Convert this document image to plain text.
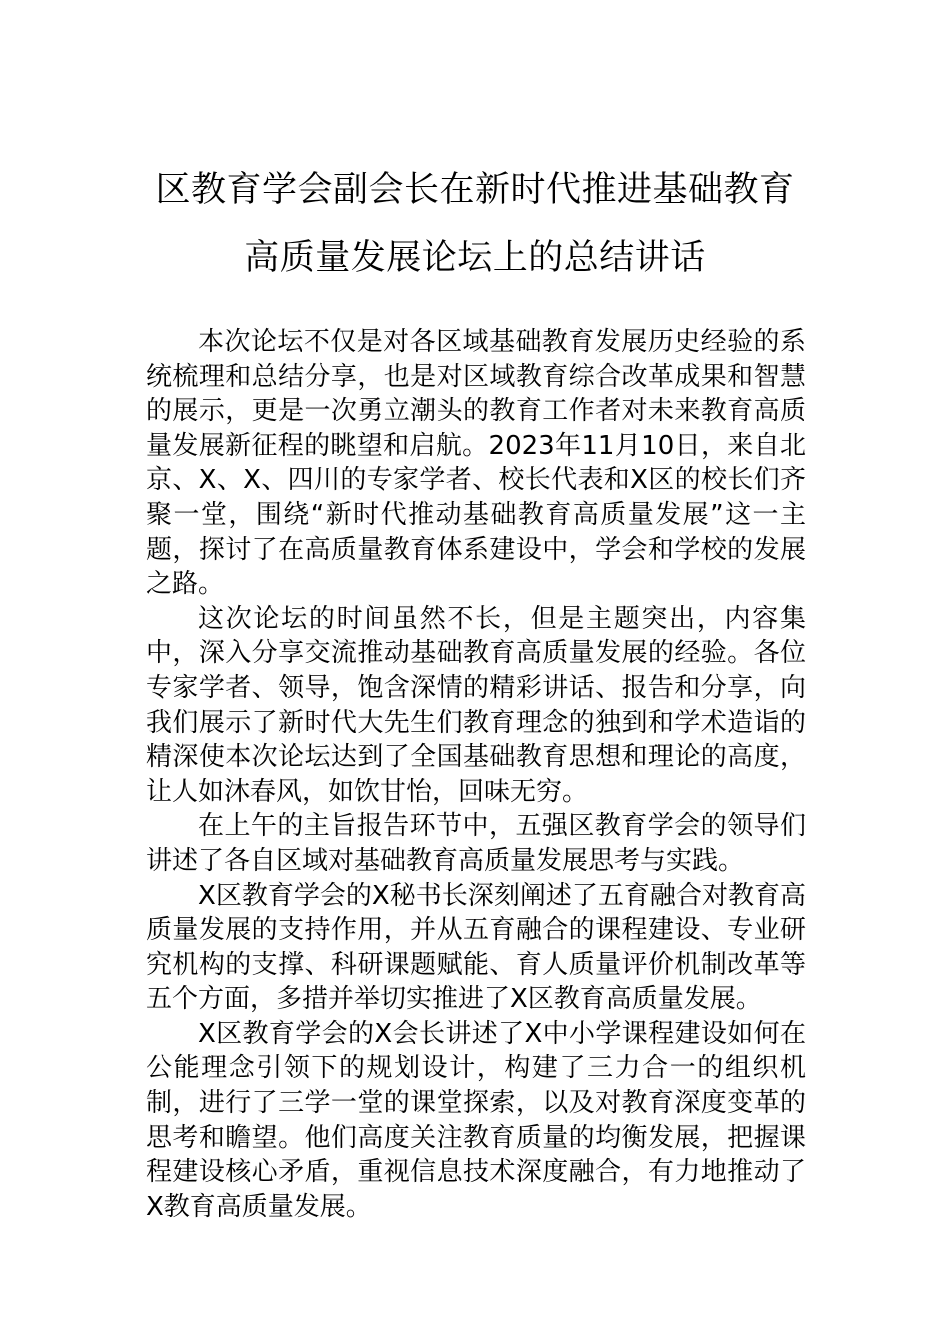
区教育学会副会长在新时代推进基础教育
高质量发展论坛上的总结讲话

本次论坛不仅是对各区域基础教育发展历史经验的系统梳理和总结分享，也是对区域教育综合改革成果和智慧的展示，更是一次勇立潮头的教育工作者对未来教育高质量发展新征程的眺望和启航。2023年11月10日，来自北京、X、X、四川的专家学者、校长代表和X区的校长们齐聚一堂，围绕“新时代推动基础教育高质量发展”这一主题，探讨了在高质量教育体系建设中，学会和学校的发展之路。

这次论坛的时间虽然不长，但是主题突出，内容集中，深入分享交流推动基础教育高质量发展的经验。各位专家学者、领导，饱含深情的精彩讲话、报告和分享，向我们展示了新时代大先生们教育理念的独到和学术造诣的精深使本次论坛达到了全国基础教育思想和理论的高度，让人如沐春风，如饮甘怡，回味无穷。

在上午的主旨报告环节中，五强区教育学会的领导们讲述了各自区域对基础教育高质量发展思考与实践。

X区教育学会的X秘书长深刻阐述了五育融合对教育高质量发展的支持作用，并从五育融合的课程建设、专业研究机构的支撑、科研课题赋能、育人质量评价机制改革等五个方面，多措并举切实推进了X区教育高质量发展。

X区教育学会的X会长讲述了X中小学课程建设如何在公能理念引领下的规划设计，构建了三力合一的组织机制，进行了三学一堂的课堂探索，以及对教育深度变革的思考和瞻望。他们高度关注教育质量的均衡发展，把握课程建设核心矛盾，重视信息技术深度融合，有力地推动了X教育高质量发展。
